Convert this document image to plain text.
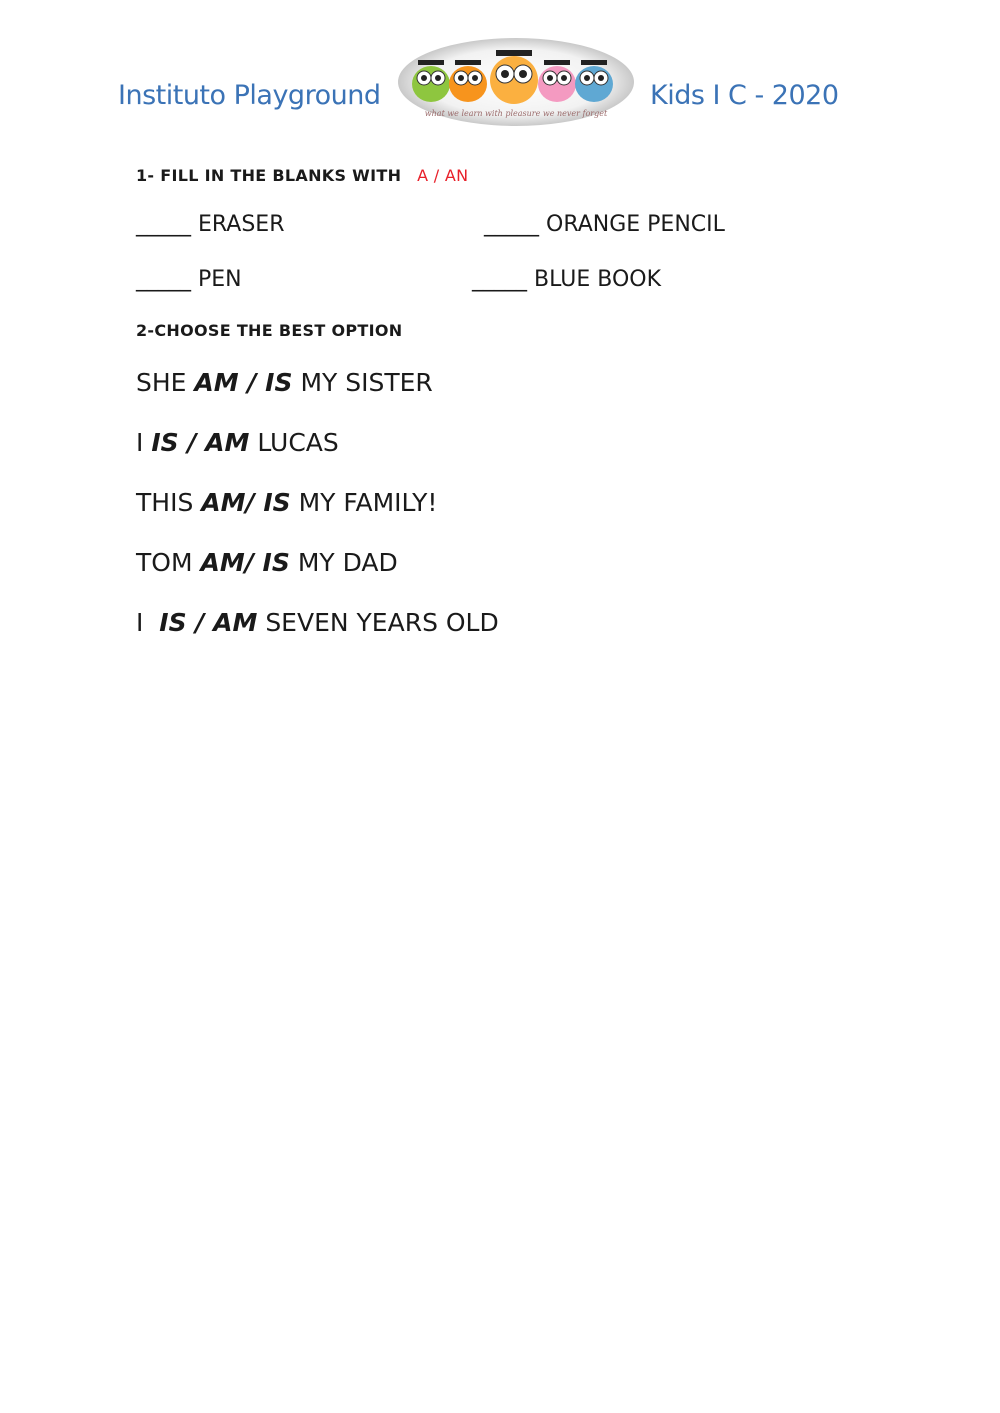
Instituto Playground
what we learn with pleasure we never forget
Kids I C - 2020
1- FILL IN THE BLANKS WITH A / AN
_____ ERASER	_____ ORANGE PENCIL
_____ PEN	_____ BLUE BOOK
2-CHOOSE THE BEST OPTION
SHE AM / IS MY SISTER
I IS / AM LUCAS
THIS AM/ IS MY FAMILY!
TOM AM/ IS MY DAD
I  IS / AM SEVEN YEARS OLD
